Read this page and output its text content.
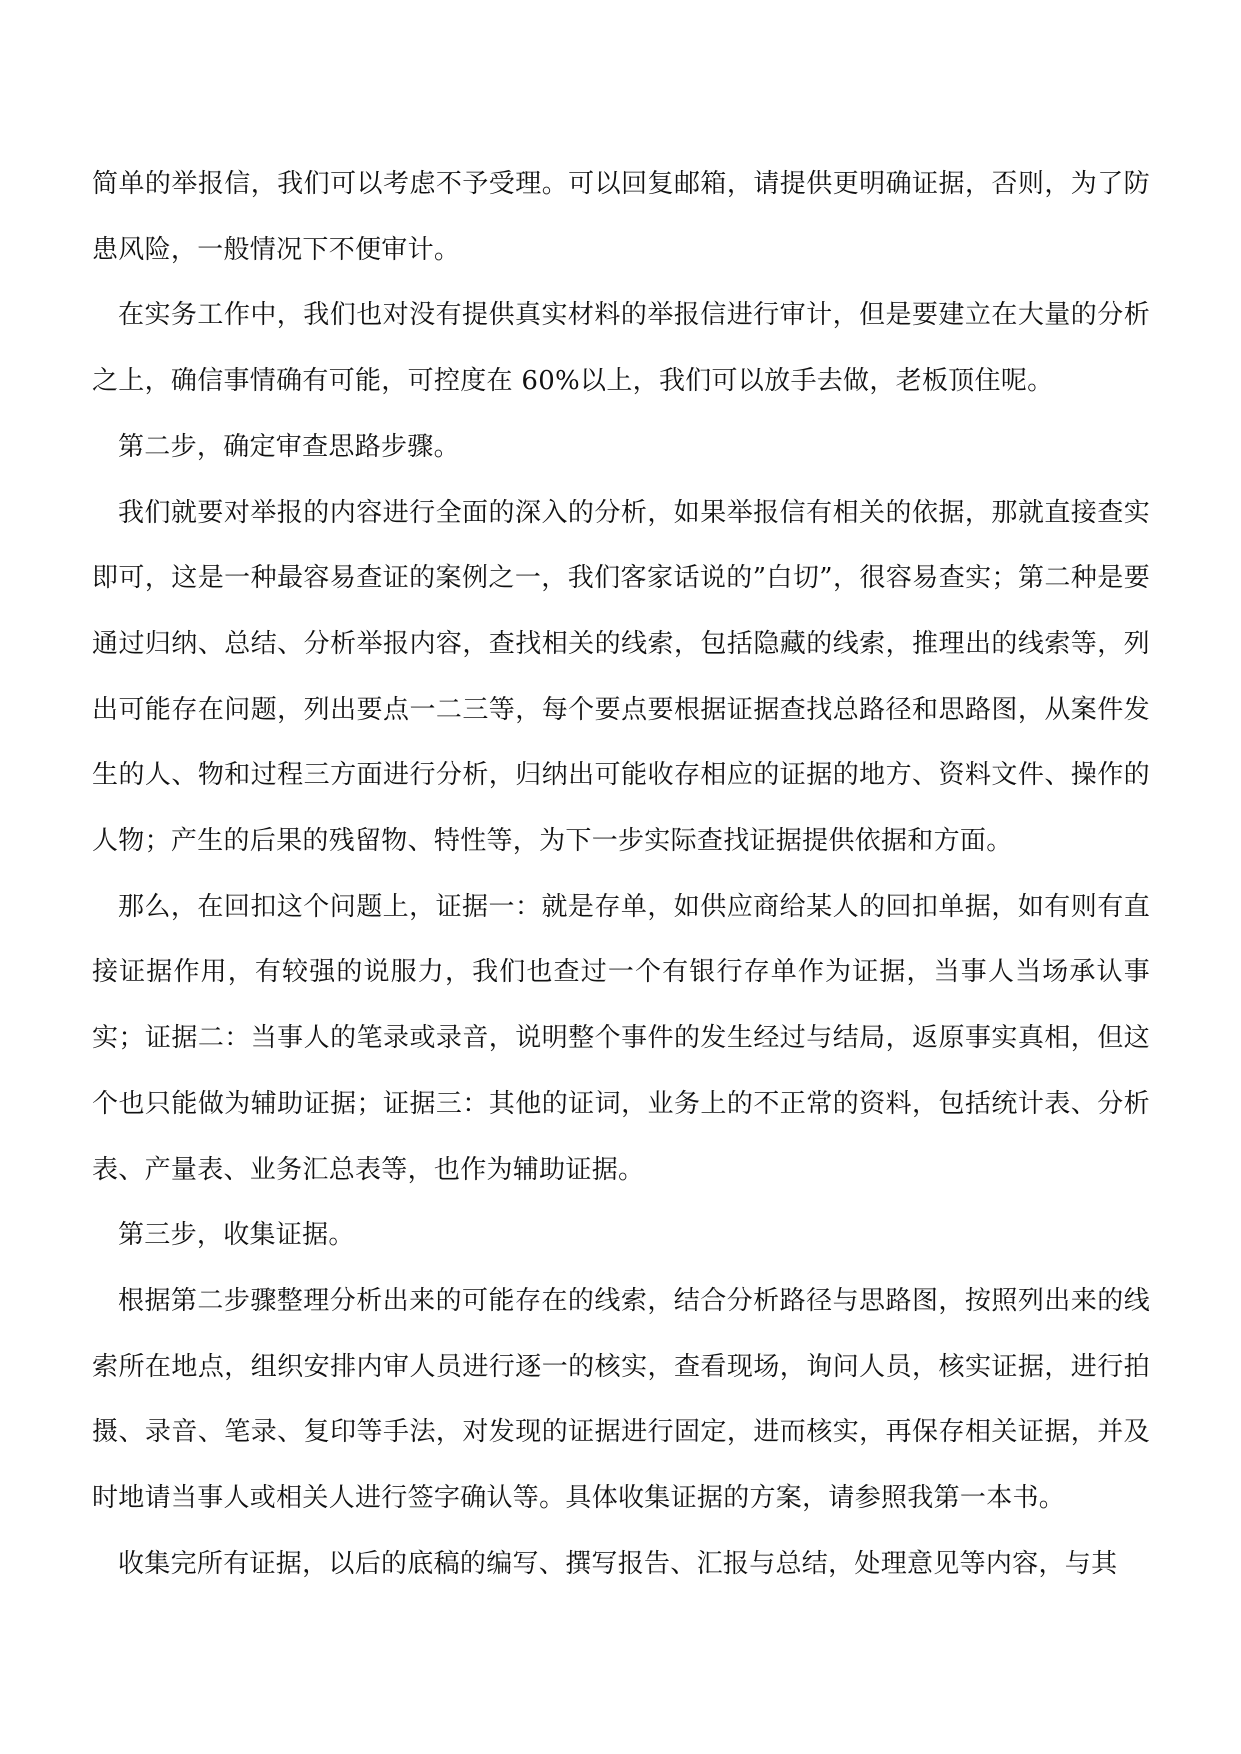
简单的举报信，我们可以考虑不予受理。可以回复邮箱，请提供更明确证据，否则，为了防患风险，一般情况下不便审计。

在实务工作中，我们也对没有提供真实材料的举报信进行审计，但是要建立在大量的分析之上，确信事情确有可能，可控度在 60%以上，我们可以放手去做，老板顶住呢。

第二步，确定审查思路步骤。

我们就要对举报的内容进行全面的深入的分析，如果举报信有相关的依据，那就直接查实即可，这是一种最容易查证的案例之一，我们客家话说的”白切”，很容易查实；第二种是要通过归纳、总结、分析举报内容，查找相关的线索，包括隐藏的线索，推理出的线索等，列出可能存在问题，列出要点一二三等，每个要点要根据证据查找总路径和思路图，从案件发生的人、物和过程三方面进行分析，归纳出可能收存相应的证据的地方、资料文件、操作的人物；产生的后果的残留物、特性等，为下一步实际查找证据提供依据和方面。

那么，在回扣这个问题上，证据一：就是存单，如供应商给某人的回扣单据，如有则有直接证据作用，有较强的说服力，我们也查过一个有银行存单作为证据，当事人当场承认事实；证据二：当事人的笔录或录音，说明整个事件的发生经过与结局，返原事实真相，但这个也只能做为辅助证据；证据三：其他的证词，业务上的不正常的资料，包括统计表、分析表、产量表、业务汇总表等，也作为辅助证据。

第三步，收集证据。

根据第二步骤整理分析出来的可能存在的线索，结合分析路径与思路图，按照列出来的线索所在地点，组织安排内审人员进行逐一的核实，查看现场，询问人员，核实证据，进行拍摄、录音、笔录、复印等手法，对发现的证据进行固定，进而核实，再保存相关证据，并及时地请当事人或相关人进行签字确认等。具体收集证据的方案，请参照我第一本书。

收集完所有证据，以后的底稿的编写、撰写报告、汇报与总结，处理意见等内容，与其
